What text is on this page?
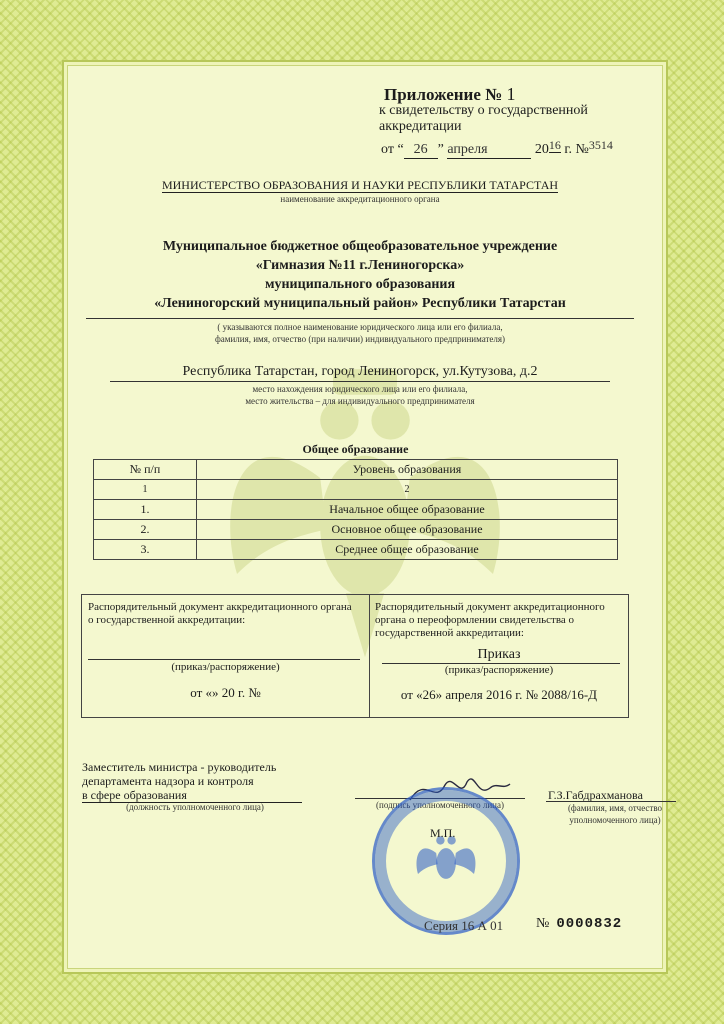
Приложение № 1
к свидетельству о государственной
аккредитации
от “ 26 ” апреля	2016 г. №3514
МИНИСТЕРСТВО ОБРАЗОВАНИЯ И НАУКИ РЕСПУБЛИКИ ТАТАРСТАН
наименование аккредитационного органа
Муниципальное бюджетное общеобразовательное учреждение
«Гимназия №11 г.Лениногорска»
муниципального образования
«Лениногорский муниципальный район» Республики Татарстан
( указываются полное наименование юридического лица или его филиала,
фамилия, имя, отчество (при наличии) индивидуального предпринимателя)
Республика Татарстан, город Лениногорск, ул.Кутузова, д.2
место нахождения юридического лица или его филиала,
место жительства – для индивидуального предпринимателя
Общее образование	
№ п/п	Уровень образования
1	2
1.	Начальное общее образование
2.	Основное общее образование
3.	Среднее общее образование
Распорядительный документ аккредитационного органа о государственной аккредитации:
(приказ/распоряжение)
от «» 20 г. №
Распорядительный документ аккредитационного органа о переоформлении свидетельства о государственной аккредитации:
Приказ
(приказ/распоряжение)
от «26» апреля 2016 г. № 2088/16-Д
Заместитель министра - руководитель
департамента надзора и контроля
в сфере образования
(должность уполномоченного лица)	(подпись уполномоченного лица)
Г.З.Габдрахманова
(фамилия, имя, отчество
уполномоченного лица)
М.П.
Серия 16 А 01 № 0000832
